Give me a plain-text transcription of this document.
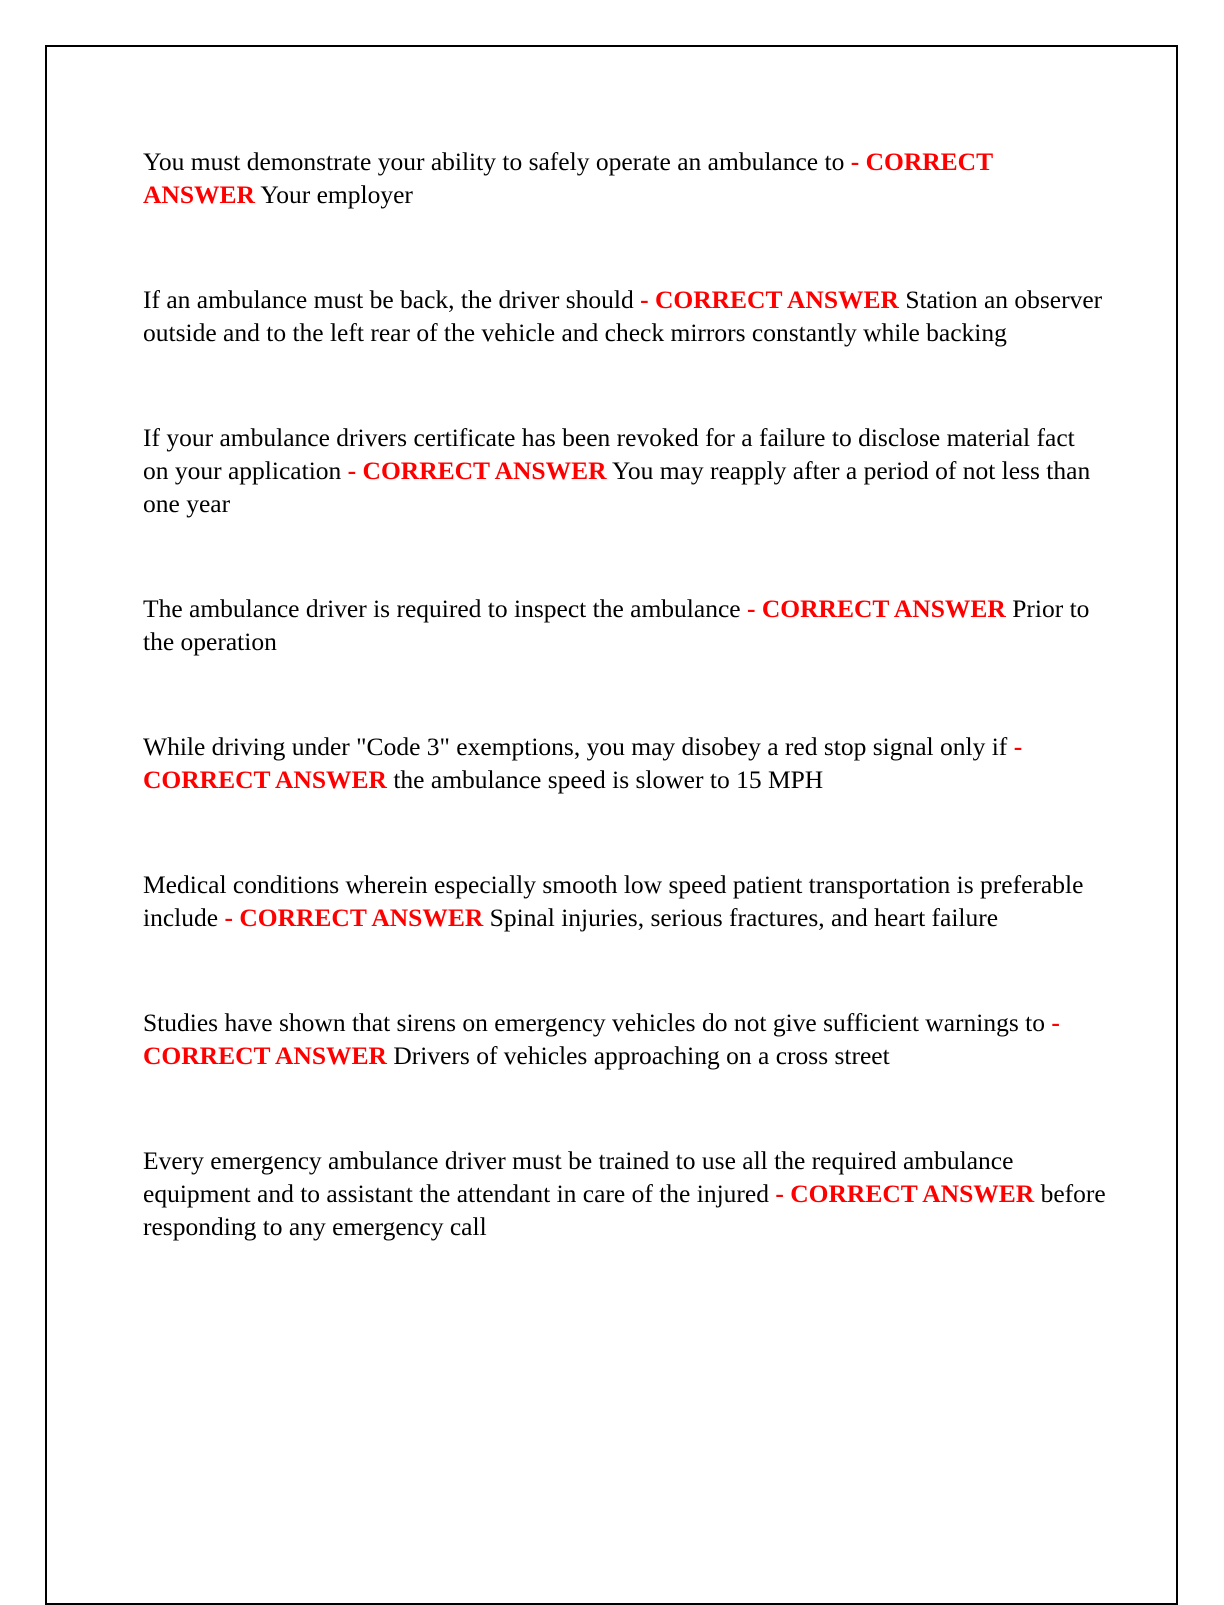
You must demonstrate your ability to safely operate an ambulance to - CORRECT ANSWER Your employer

If an ambulance must be back, the driver should - CORRECT ANSWER Station an observer outside and to the left rear of the vehicle and check mirrors constantly while backing

If your ambulance drivers certificate has been revoked for a failure to disclose material fact on your application - CORRECT ANSWER You may reapply after a period of not less than one year

The ambulance driver is required to inspect the ambulance - CORRECT ANSWER Prior to the operation

While driving under "Code 3" exemptions, you may disobey a red stop signal only if - CORRECT ANSWER the ambulance speed is slower to 15 MPH

Medical conditions wherein especially smooth low speed patient transportation is preferable include - CORRECT ANSWER Spinal injuries, serious fractures, and heart failure

Studies have shown that sirens on emergency vehicles do not give sufficient warnings to - CORRECT ANSWER Drivers of vehicles approaching on a cross street

Every emergency ambulance driver must be trained to use all the required ambulance equipment and to assistant the attendant in care of the injured - CORRECT ANSWER before responding to any emergency call
